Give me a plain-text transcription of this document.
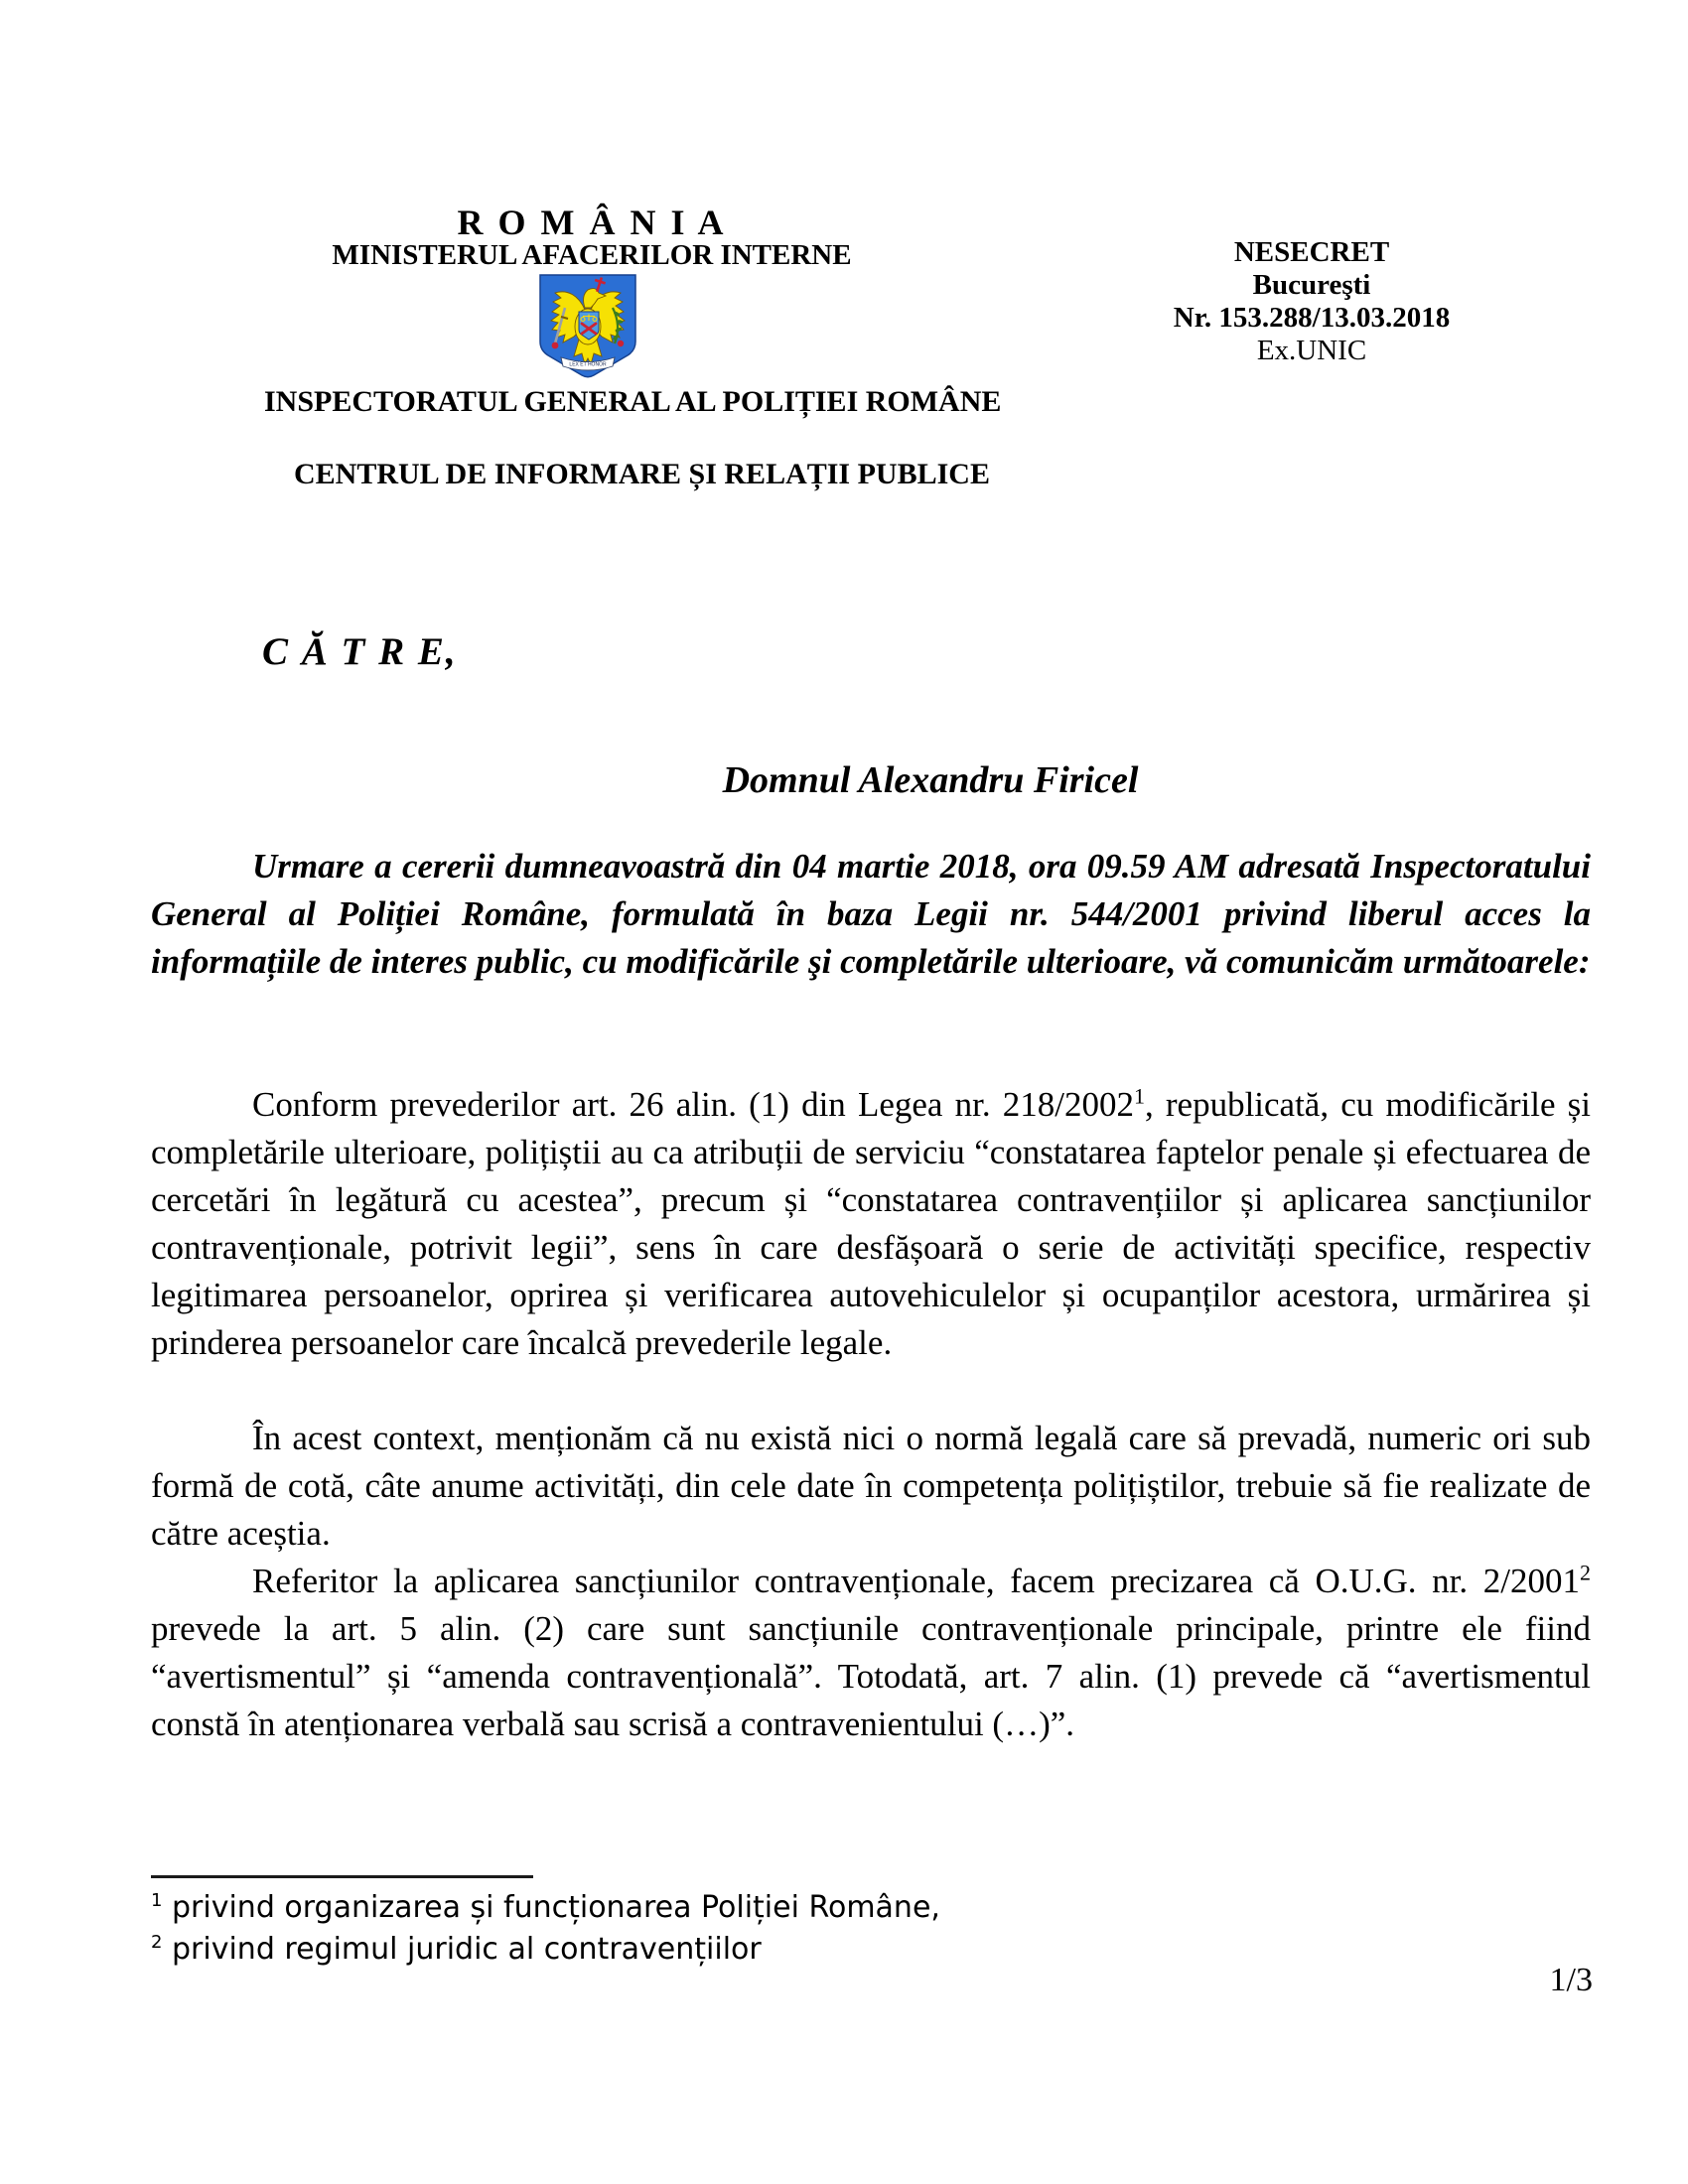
R O M Â N I A
MINISTERUL AFACERILOR INTERNE
LEX ET HONOR
INSPECTORATUL GENERAL AL POLIȚIEI ROMÂNE
CENTRUL DE INFORMARE ȘI RELAȚII PUBLICE
NESECRET
Bucureşti
Nr. 153.288/13.03.2018
Ex.UNIC
C Ă T R E,
Domnul Alexandru Firicel

Urmare a cererii dumneavoastră din 04 martie 2018, ora 09.59 AM adresată Inspectoratului General al Poliției Române, formulată în baza Legii nr. 544/2001 privind liberul acces la informațiile de interes public, cu modificările şi completările ulterioare, vă comunicăm următoarele:

Conform prevederilor art. 26 alin. (1) din Legea nr. 218/2002$^1$, republicată, cu modificările și completările ulterioare, polițiștii au ca atribuții de serviciu “constatarea faptelor penale și efectuarea de cercetări în legătură cu acestea”, precum și “constatarea contravențiilor și aplicarea sancțiunilor contravenționale, potrivit legii”, sens în care desfășoară o serie de activități specifice, respectiv legitimarea persoanelor, oprirea și verificarea autovehiculelor și ocupanților acestora, urmărirea și prinderea persoanelor care încalcă prevederile legale.

În acest context, menționăm că nu există nici o normă legală care să prevadă, numeric ori sub formă de cotă, câte anume activități, din cele date în competența polițiștilor, trebuie să fie realizate de către aceștia.

Referitor la aplicarea sancțiunilor contravenționale, facem precizarea că O.U.G. nr. 2/2001$^2$ prevede la art. 5 alin. (2) care sunt sancțiunile contravenționale principale, printre ele fiind “avertismentul” și “amenda contravențională”. Totodată, art. 7 alin. (1) prevede că “avertismentul constă în atenționarea verbală sau scrisă a contravenientului (…)”.

$^1$ privind organizarea și funcționarea Poliției Române,
$^2$ privind regimul juridic al contravențiilor
1/3
